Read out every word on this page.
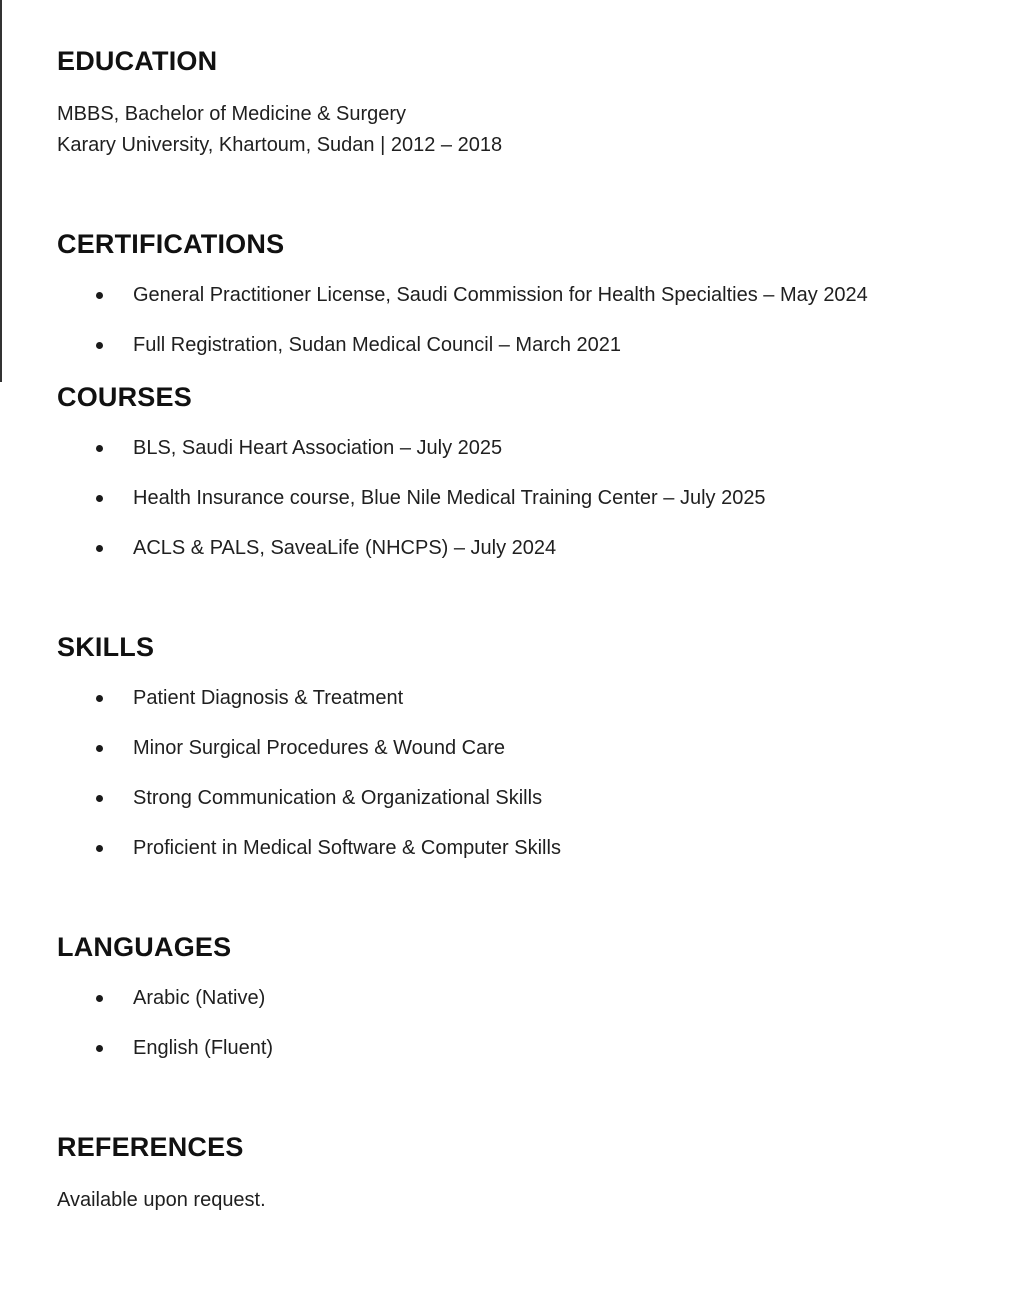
EDUCATION

MBBS, Bachelor of Medicine & Surgery

Karary University, Khartoum, Sudan | 2012 – 2018

CERTIFICATIONS
General Practitioner License, Saudi Commission for Health Specialties – May 2024
Full Registration, Sudan Medical Council – March 2021
COURSES
BLS, Saudi Heart Association – July 2025
Health Insurance course, Blue Nile Medical Training Center – July 2025
ACLS & PALS, SaveaLife (NHCPS) – July 2024
SKILLS
Patient Diagnosis & Treatment
Minor Surgical Procedures & Wound Care
Strong Communication & Organizational Skills
Proficient in Medical Software & Computer Skills
LANGUAGES
Arabic (Native)
English (Fluent)
REFERENCES

Available upon request.
